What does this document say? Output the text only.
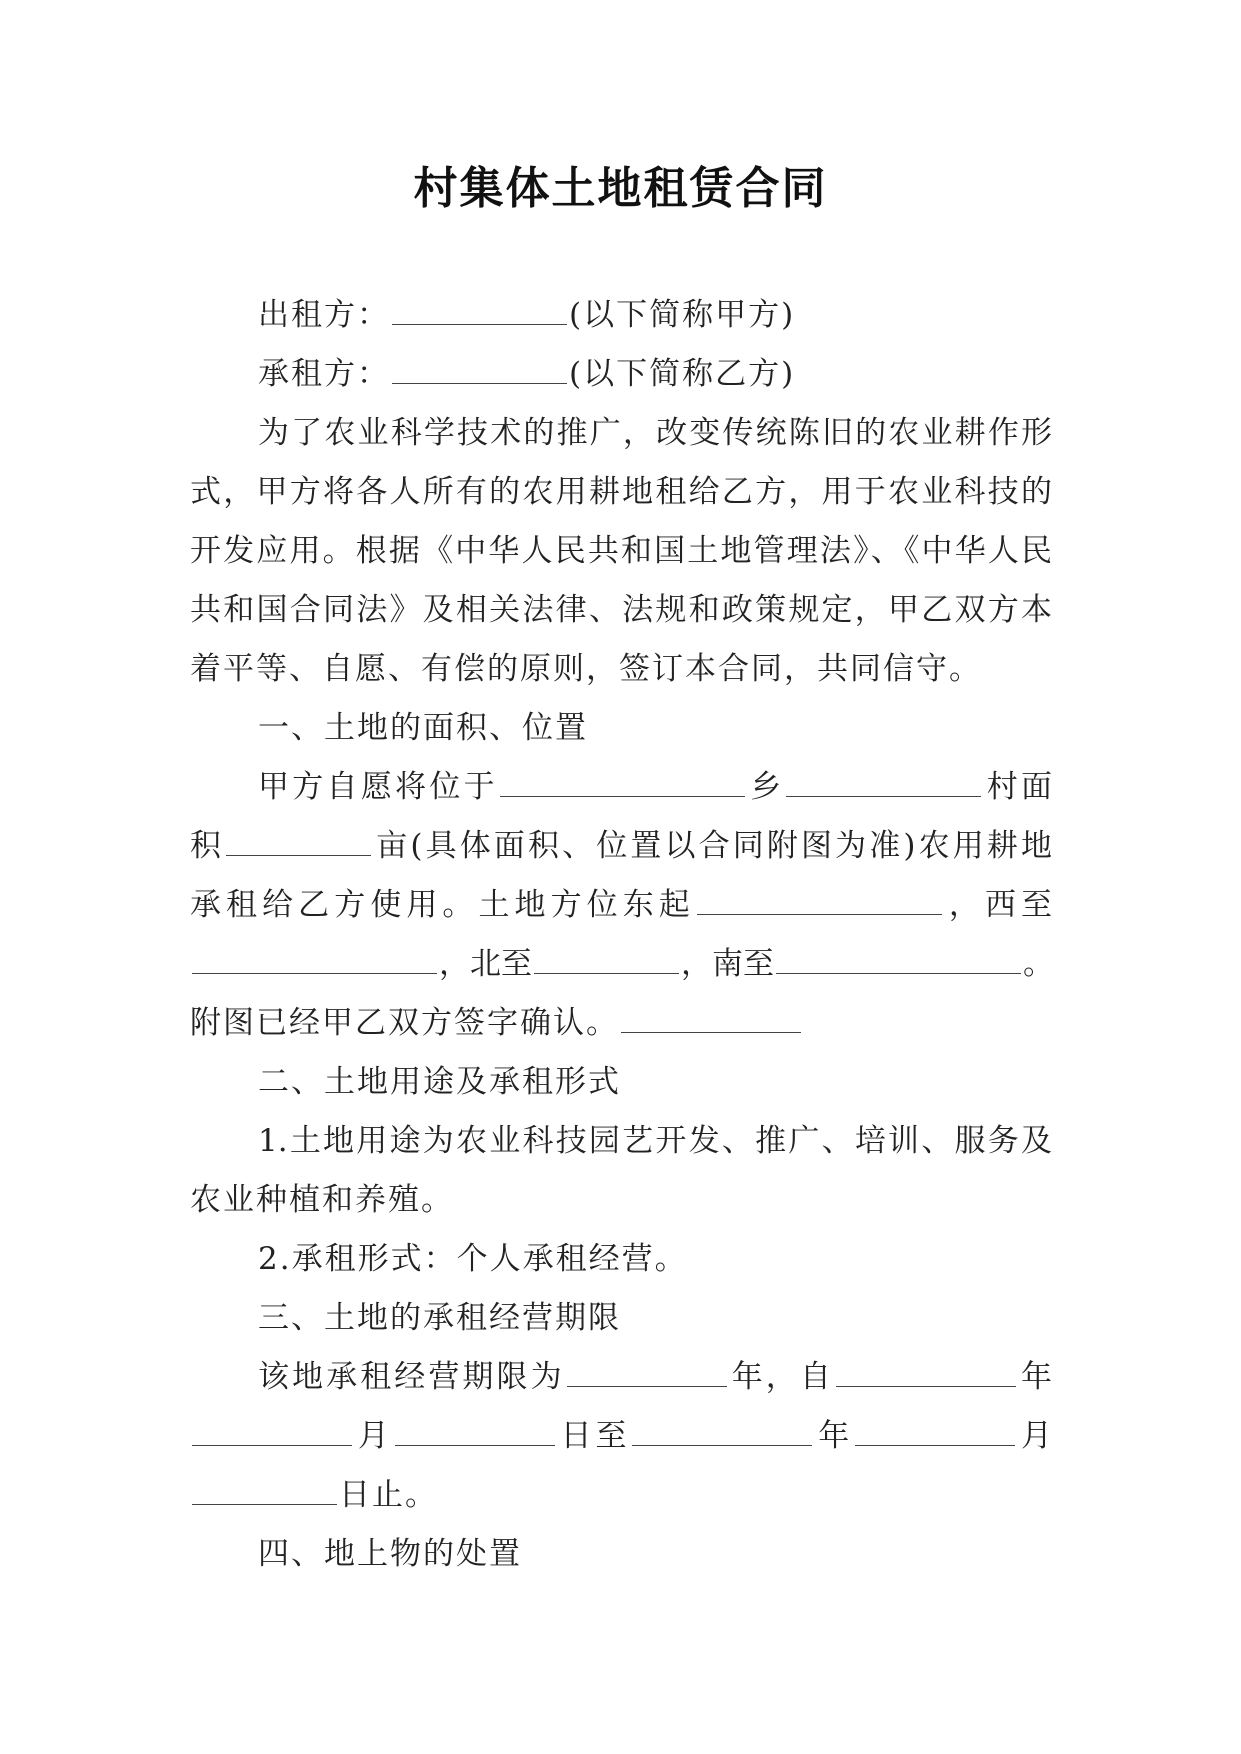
村集体土地租赁合同
出租方：	(以下简称甲方)
承租方：	(以下简称乙方)
为了农业科学技术的推广，改变传统陈旧的农业耕作形
式，甲方将各人所有的农用耕地租给乙方，用于农业科技的
开发应用。根据《中华人民共和国土地管理法》、《中华人民
共和国合同法》及相关法律、法规和政策规定，甲乙双方本
着平等、自愿、有偿的原则，签订本合同，共同信守。
一、土地的面积、位置
甲方自愿将位于	乡	村面
积	亩(具体面积、位置以合同附图为准)农用耕地
承租给乙方使用。土地方位东起	，西至
，北至	，南至	。
附图已经甲乙双方签字确认。
二、土地用途及承租形式
1.土地用途为农业科技园艺开发、推广、培训、服务及
农业种植和养殖。
2.承租形式：个人承租经营。
三、土地的承租经营期限
该地承租经营期限为	年，自	年
月	日至	年	月
日止。
四、地上物的处置
